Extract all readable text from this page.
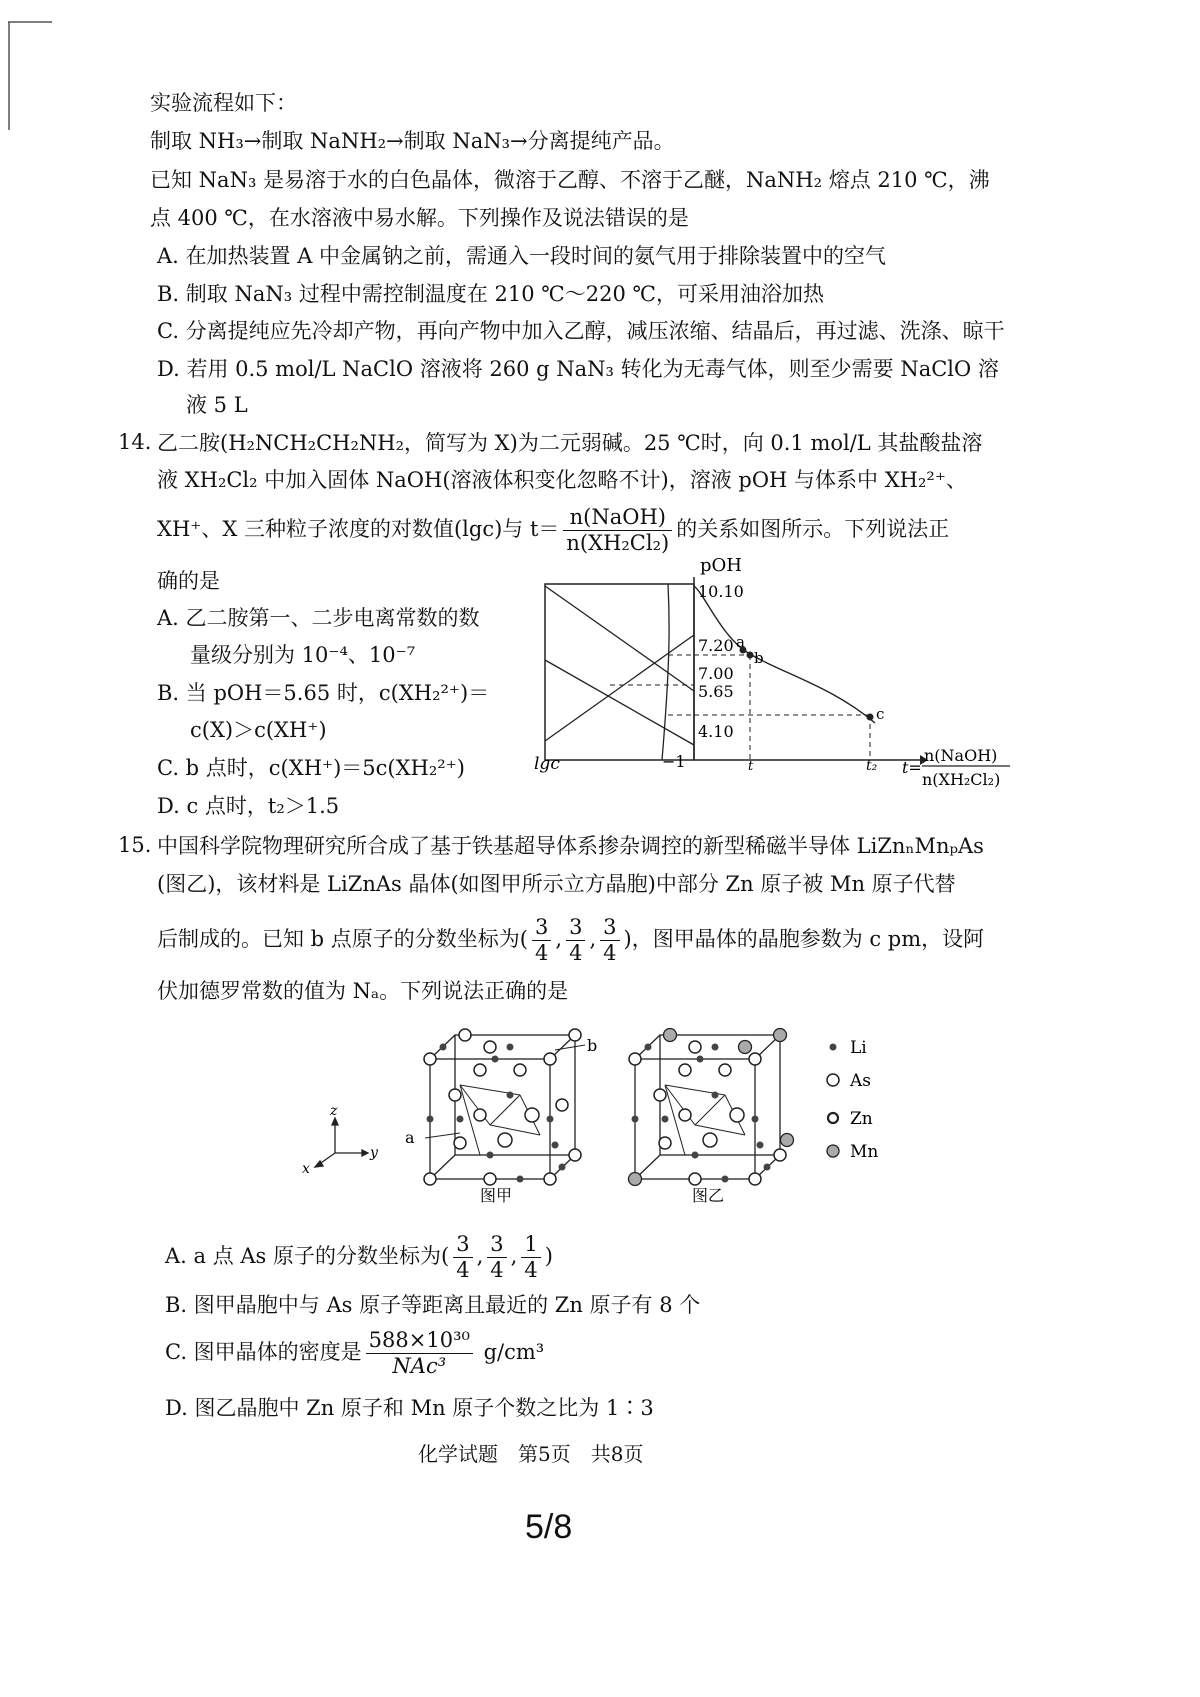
实验流程如下：
制取 NH₃→制取 NaNH₂→制取 NaN₃→分离提纯产品。
已知 NaN₃ 是易溶于水的白色晶体，微溶于乙醇、不溶于乙醚，NaNH₂ 熔点 210 ℃，沸
点 400 ℃，在水溶液中易水解。下列操作及说法错误的是
A. 在加热装置 A 中金属钠之前，需通入一段时间的氨气用于排除装置中的空气
B. 制取 NaN₃ 过程中需控制温度在 210 ℃～220 ℃，可采用油浴加热
C. 分离提纯应先冷却产物，再向产物中加入乙醇，减压浓缩、结晶后，再过滤、洗涤、晾干
D. 若用 0.5 mol/L NaClO 溶液将 260 g NaN₃ 转化为无毒气体，则至少需要 NaClO 溶
液 5 L
14. 乙二胺(H₂NCH₂CH₂NH₂，简写为 X)为二元弱碱。25 ℃时，向 0.1 mol/L 其盐酸盐溶
液 XH₂Cl₂ 中加入固体 NaOH(溶液体积变化忽略不计)，溶液 pOH 与体系中 XH₂²⁺、
XH⁺、X 三种粒子浓度的对数值(lgc)与 $t= \frac{\text{n(NaOH)}}{\text{n(XH₂Cl₂)}}$ 的关系如图所示。下列说法正
确的是
A. 乙二胺第一、二步电离常数的数
量级分别为 10⁻⁴、10⁻⁷
B. 当 pOH＝5.65 时，c(XH₂²⁺)＝
c(X)＞c(XH⁺)
C. b 点时，c(XH⁺)＝5c(XH₂²⁺)
D. c 点时，t₂＞1.5
pOH
10.10
7.20
7.00
5.65
4.10
a
b
c
lgc	−1	t	t₂ t=
n(NaOH)
n(XH₂Cl₂)
15. 中国科学院物理研究所合成了基于铁基超导体系掺杂调控的新型稀磁半导体 LiZnₙMnₚAs
(图乙)，该材料是 LiZnAs 晶体(如图甲所示立方晶胞)中部分 Zn 原子被 Mn 原子代替
后制成的。已知 b 点原子的分数坐标为( $\frac{3}{4}$ , $\frac{3}{4}$ , $\frac{3}{4}$ )，图甲晶体的晶胞参数为 c pm，设阿
伏加德罗常数的值为 Nₐ。下列说法正确的是
b
a
图甲
z
y
x
图乙
Li
As
Zn
Mn
A. a 点 As 原子的分数坐标为( $\frac{3}{4}$ , $\frac{3}{4}$ , $\frac{1}{4}$ )
B. 图甲晶胞中与 As 原子等距离且最近的 Zn 原子有 8 个
C. 图甲晶体的密度是 $\frac{\text{588×10³⁰}}{\text{NAc³}} g/cm^3$
D. 图乙晶胞中 Zn 原子和 Mn 原子个数之比为 1∶3
化学试题　第5页　共8页
5/8
